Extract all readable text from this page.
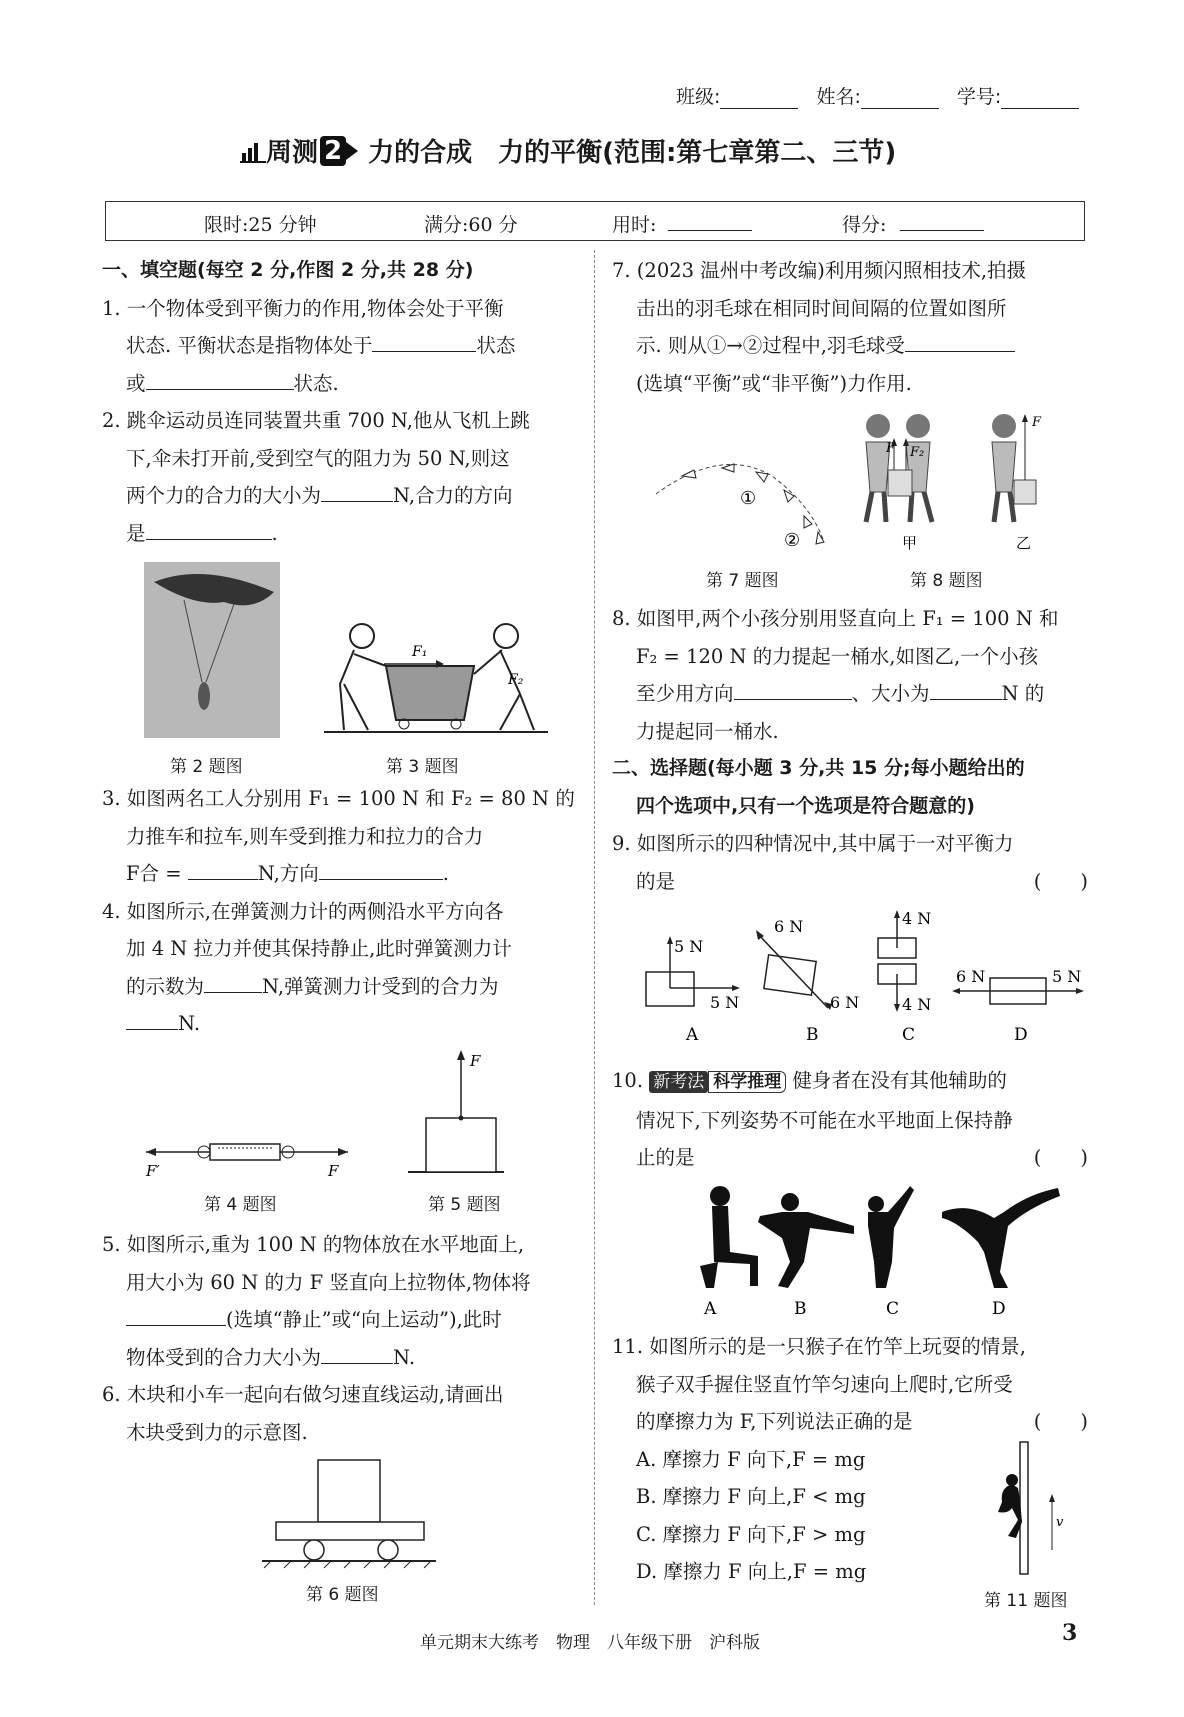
班级:	姓名:	学号:
周测 2 力的合成　力的平衡(范围:第七章第二、三节)
限时:25 分钟	满分:60 分	用时:	得分:

一、填空题(每空 2 分,作图 2 分,共 28 分)

1. 一个物体受到平衡力的作用,物体会处于平衡

状态. 平衡状态是指物体处于	状态

或	状态.

2. 跳伞运动员连同装置共重 700 N,他从飞机上跳

下,伞未打开前,受到空气的阻力为 50 N,则这

两个力的合力的大小为	N,合力的方向

是	.

F₁
F₂
第 2 题图	第 3 题图

3. 如图两名工人分别用 F₁ = 100 N 和 F₂ = 80 N 的

力推车和拉车,则车受到推力和拉力的合力

F合 =	N,方向	.

4. 如图所示,在弹簧测力计的两侧沿水平方向各

加 4 N 拉力并使其保持静止,此时弹簧测力计

的示数为	N,弹簧测力计受到的合力为

N.

F′	F
F
第 4 题图	第 5 题图

5. 如图所示,重为 100 N 的物体放在水平地面上,

用大小为 60 N 的力 F 竖直向上拉物体,物体将

(选填“静止”或“向上运动”),此时

物体受到的合力大小为	N.

6. 木块和小车一起向右做匀速直线运动,请画出

木块受到力的示意图.

第 6 题图

7. (2023 温州中考改编)利用频闪照相技术,拍摄

击出的羽毛球在相同时间间隔的位置如图所

示. 则从①→②过程中,羽毛球受

(选填“平衡”或“非平衡”)力作用.

①
②
F F₂
F
甲	乙
第 7 题图	第 8 题图

8. 如图甲,两个小孩分别用竖直向上 F₁ = 100 N 和

F₂ = 120 N 的力提起一桶水,如图乙,一个小孩

至少用方向	、大小为	N 的

力提起同一桶水.

二、选择题(每小题 3 分,共 15 分;每小题给出的

四个选项中,只有一个选项是符合题意的)

9. 如图所示的四种情况中,其中属于一对平衡力

的是	(　　)

5 N
5 N
6 N
6 N
4 N
4 N
6 N	5 N
A	B	C	D

10. 新考法 科学推理 健身者在没有其他辅助的

情况下,下列姿势不可能在水平地面上保持静

止的是	(　　)

A	B	C	D

11. 如图所示的是一只猴子在竹竿上玩耍的情景,

猴子双手握住竖直竹竿匀速向上爬时,它所受

的摩擦力为 F,下列说法正确的是	(　　)

A. 摩擦力 F 向下,F = mg

B. 摩擦力 F 向上,F < mg

C. 摩擦力 F 向下,F > mg

D. 摩擦力 F 向上,F = mg

v
第 11 题图
单元期末大练考　物理　八年级下册　沪科版	3
